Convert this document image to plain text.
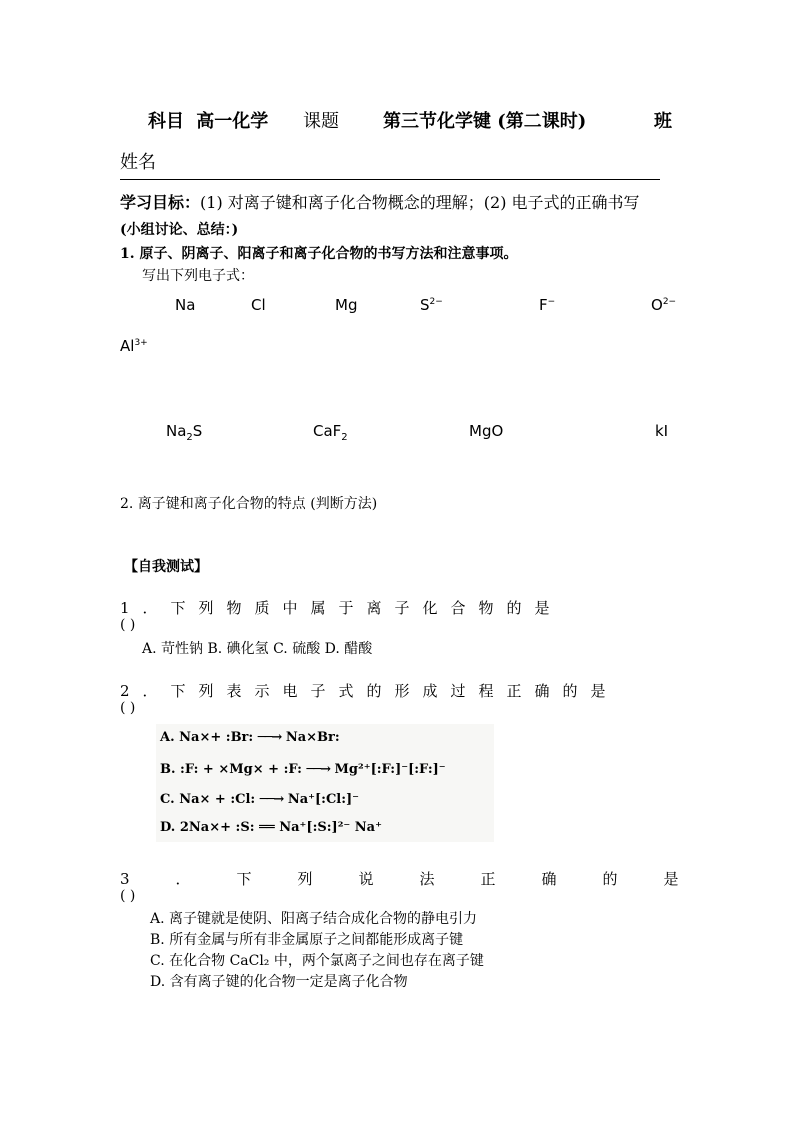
科目 高一化学 课题 第三节化学键 (第二课时)	班
姓名
学习目标：(1) 对离子键和离子化合物概念的理解；(2) 电子式的正确书写
(小组讨论、总结：)
1. 原子、阴离子、阳离子和离子化合物的书写方法和注意事项。
写出下列电子式：
Na	Cl	Mg	$S^{2-}$	F−	$O^{2-}$
$Al^{3+}$
$Na_2S$	CaF$_2$	MgO	kI
2. 离子键和离子化合物的特点 (判断方法)
【自我测试】
1．下列物质中属于离子化合物的是
( )
A. 苛性钠 B. 碘化氢 C. 硫酸 D. 醋酸
2．下列表示电子式的形成过程正确的是
( )
A. Na×+ :Br: ──→ Na×Br:
B. :F: + ×Mg× + :F: ──→ Mg²⁺[:F:]⁻[:F:]⁻
C. Na× + :Cl: ──→ Na⁺[:Cl:]⁻
D. 2Na×+ :S: ══ Na⁺[:S:]²⁻ Na⁺
3．下列说法正确的是
( )
A. 离子键就是使阴、阳离子结合成化合物的静电引力
B. 所有金属与所有非金属原子之间都能形成离子键
C. 在化合物 CaCl₂ 中，两个氯离子之间也存在离子键
D. 含有离子键的化合物一定是离子化合物
